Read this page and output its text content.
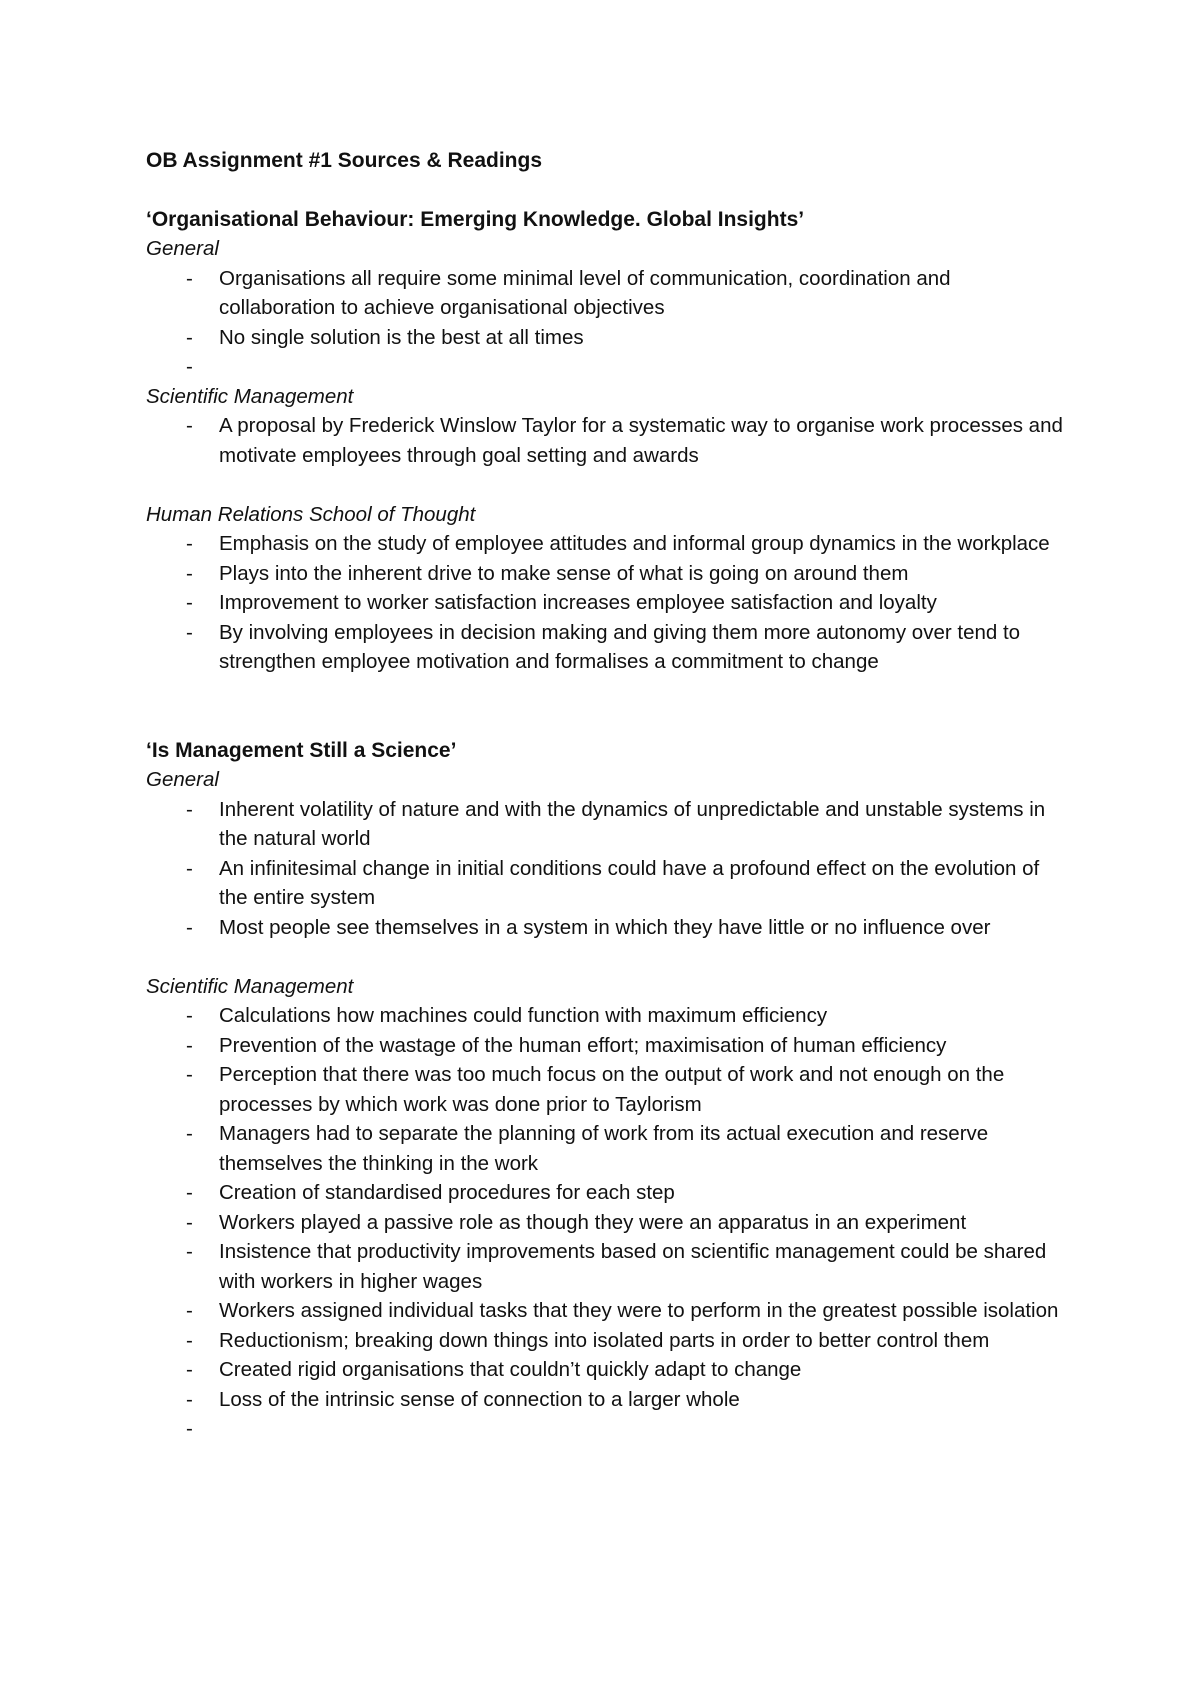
OB Assignment #1 Sources & Readings
‘Organisational Behaviour: Emerging Knowledge. Global Insights’
General
- Organisations all require some minimal level of communication, coordination and collaboration to achieve organisational objectives
- No single solution is the best at all times
-
Scientific Management
- A proposal by Frederick Winslow Taylor for a systematic way to organise work processes and motivate employees through goal setting and awards
Human Relations School of Thought
- Emphasis on the study of employee attitudes and informal group dynamics in the workplace
- Plays into the inherent drive to make sense of what is going on around them
- Improvement to worker satisfaction increases employee satisfaction and loyalty
- By involving employees in decision making and giving them more autonomy over tend to strengthen employee motivation and formalises a commitment to change
‘Is Management Still a Science’
General
- Inherent volatility of nature and with the dynamics of unpredictable and unstable systems in the natural world
- An infinitesimal change in initial conditions could have a profound effect on the evolution of the entire system
- Most people see themselves in a system in which they have little or no influence over
Scientific Management
- Calculations how machines could function with maximum efficiency
- Prevention of the wastage of the human effort; maximisation of human efficiency
- Perception that there was too much focus on the output of work and not enough on the processes by which work was done prior to Taylorism
- Managers had to separate the planning of work from its actual execution and reserve themselves the thinking in the work
- Creation of standardised procedures for each step
- Workers played a passive role as though they were an apparatus in an experiment
- Insistence that productivity improvements based on scientific management could be shared with workers in higher wages
- Workers assigned individual tasks that they were to perform in the greatest possible isolation
- Reductionism; breaking down things into isolated parts in order to better control them
- Created rigid organisations that couldn’t quickly adapt to change
- Loss of the intrinsic sense of connection to a larger whole
-
